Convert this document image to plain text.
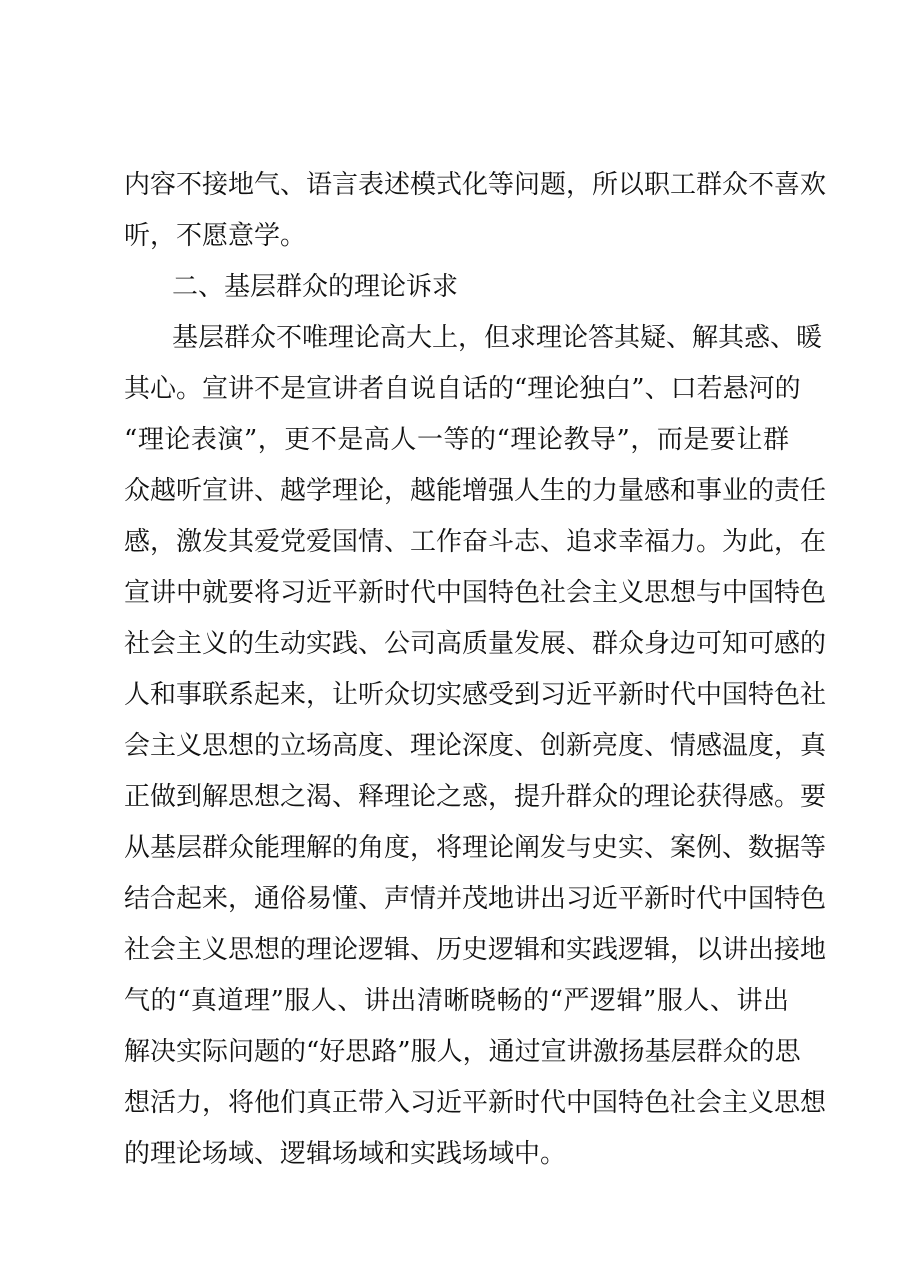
内容不接地气、语言表述模式化等问题，所以职工群众不喜欢
听，不愿意学。
二、基层群众的理论诉求
基层群众不唯理论高大上，但求理论答其疑、解其惑、暖
其心。宣讲不是宣讲者自说自话的“理论独白”、口若悬河的
“理论表演”，更不是高人一等的“理论教导”，而是要让群
众越听宣讲、越学理论，越能增强人生的力量感和事业的责任
感，激发其爱党爱国情、工作奋斗志、追求幸福力。为此，在
宣讲中就要将习近平新时代中国特色社会主义思想与中国特色
社会主义的生动实践、公司高质量发展、群众身边可知可感的
人和事联系起来，让听众切实感受到习近平新时代中国特色社
会主义思想的立场高度、理论深度、创新亮度、情感温度，真
正做到解思想之渴、释理论之惑，提升群众的理论获得感。要
从基层群众能理解的角度，将理论阐发与史实、案例、数据等
结合起来，通俗易懂、声情并茂地讲出习近平新时代中国特色
社会主义思想的理论逻辑、历史逻辑和实践逻辑，以讲出接地
气的“真道理”服人、讲出清晰晓畅的“严逻辑”服人、讲出
解决实际问题的“好思路”服人，通过宣讲激扬基层群众的思
想活力，将他们真正带入习近平新时代中国特色社会主义思想
的理论场域、逻辑场域和实践场域中。
